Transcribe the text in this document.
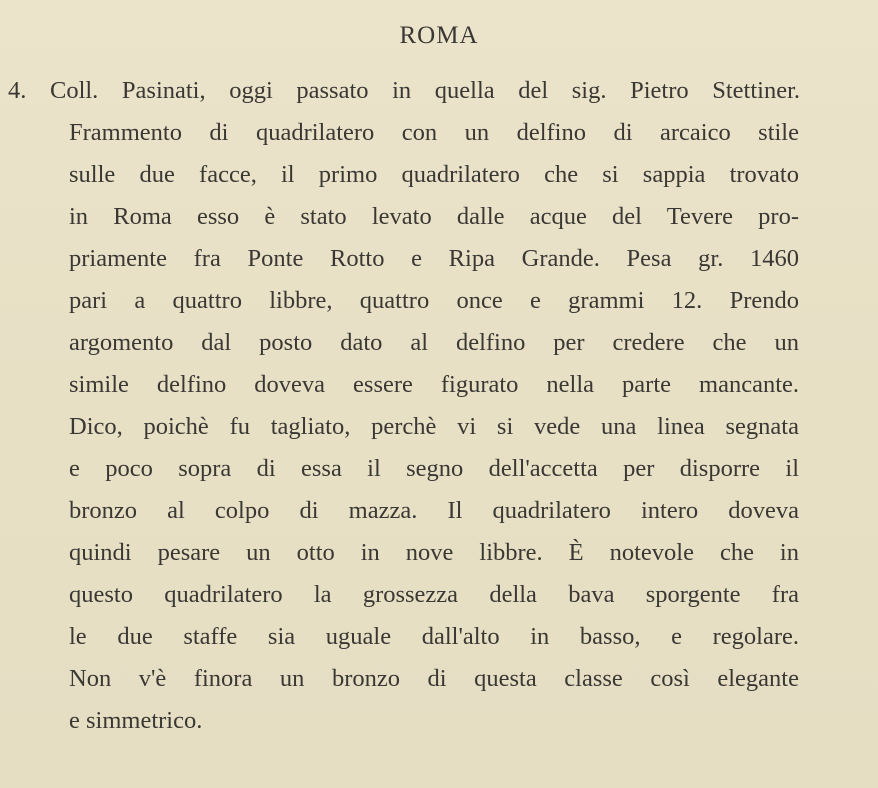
ROMA
4. Coll. Pasinati, oggi passato in quella del sig. Pietro Stettiner.
Frammento di quadrilatero con un delfino di arcaico stile
sulle due facce, il primo quadrilatero che si sappia trovato
in Roma esso è stato levato dalle acque del Tevere pro-
priamente fra Ponte Rotto e Ripa Grande. Pesa gr. 1460
pari a quattro libbre, quattro once e grammi 12. Prendo
argomento dal posto dato al delfino per credere che un
simile delfino doveva essere figurato nella parte mancante.
Dico, poichè fu tagliato, perchè vi si vede una linea segnata
e poco sopra di essa il segno dell'accetta per disporre il
bronzo al colpo di mazza. Il quadrilatero intero doveva
quindi pesare un otto in nove libbre. È notevole che in
questo quadrilatero la grossezza della bava sporgente fra
le due staffe sia uguale dall'alto in basso, e regolare.
Non v'è finora un bronzo di questa classe così elegante
e simmetrico.
